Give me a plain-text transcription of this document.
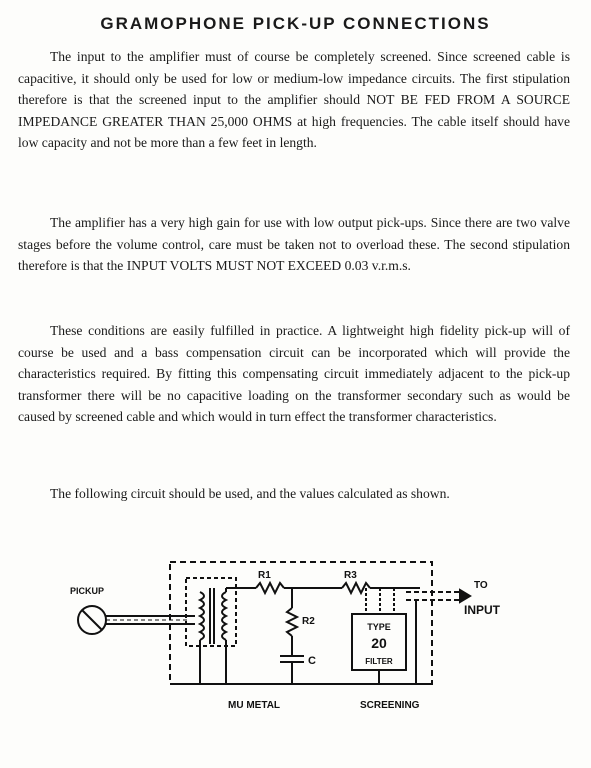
GRAMOPHONE PICK-UP CONNECTIONS

The input to the amplifier must of course be completely screened. Since screened cable is capacitive, it should only be used for low or medium-low impedance circuits. The first stipulation therefore is that the screened input to the amplifier should NOT BE FED FROM A SOURCE IMPEDANCE GREATER THAN 25,000 OHMS at high frequencies. The cable itself should have low capacity and not be more than a few feet in length.

The amplifier has a very high gain for use with low output pick-ups. Since there are two valve stages before the volume control, care must be taken not to overload these. The second stipulation therefore is that the INPUT VOLTS MUST NOT EXCEED 0.03 v.r.m.s.

These conditions are easily fulfilled in practice. A lightweight high fidelity pick-up will of course be used and a bass compensation circuit can be incorporated which will provide the characteristics required. By fitting this compensating circuit immediately adjacent to the pick-up transformer there will be no capacitive loading on the transformer secondary such as would be caused by screened cable and which would in turn effect the transformer characteristics.

The following circuit should be used, and the values calculated as shown.

PICKUP
R1	R3
R2
C
TYPE
20
FILTER
TO
INPUT
MU METAL	SCREENING
